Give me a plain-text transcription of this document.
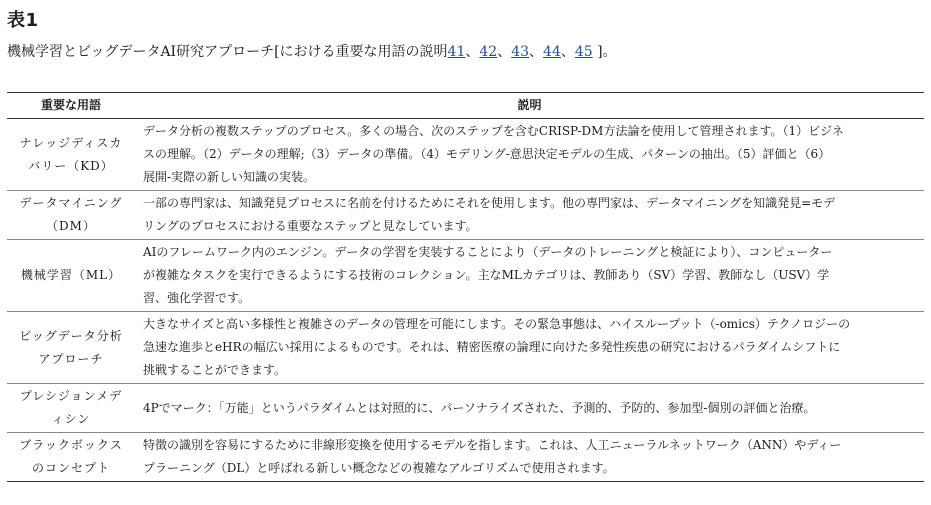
表1
機械学習とビッグデータAI研究アプローチ[における重要な用語の説明41、42、43、44、45 ]。
重要な用語	説明

ナレッジディスカ
バリー（KD）	データ分析の複数ステップのプロセス。多くの場合、次のステップを含むCRISP-DM方法論を使用して管理されます。（1）ビジネ
スの理解。（2）データの理解;（3）データの準備。（4）モデリング-意思決定モデルの生成、パターンの抽出。（5）評価と（6）
展開-実際の新しい知識の実装。

データマイニング
（DM）	一部の専門家は、知識発見プロセスに名前を付けるためにそれを使用します。他の専門家は、データマイニングを知識発見=モデ
リングのプロセスにおける重要なステップと見なしています。

機械学習（ML）	AIのフレームワーク内のエンジン。データの学習を実装することにより（データのトレーニングと検証により）、コンピューター
が複雑なタスクを実行できるようにする技術のコレクション。主なMLカテゴリは、教師あり（SV）学習、教師なし（USV）学
習、強化学習です。

ビッグデータ分析
アプローチ	大きなサイズと高い多様性と複雑さのデータの管理を可能にします。その緊急事態は、ハイスループット（-omics）テクノロジーの
急速な進歩とeHRの幅広い採用によるものです。それは、精密医療の論理に向けた多発性疾患の研究におけるパラダイムシフトに
挑戦することができます。

プレシジョンメデ
ィシン	4Pでマーク：「万能」というパラダイムとは対照的に、パーソナライズされた、予測的、予防的、参加型-個別の評価と治療。

ブラックボックス
のコンセプト	特徴の識別を容易にするために非線形変換を使用するモデルを指します。これは、人工ニューラルネットワーク（ANN）やディー
プラーニング（DL）と呼ばれる新しい概念などの複雑なアルゴリズムで使用されます。
